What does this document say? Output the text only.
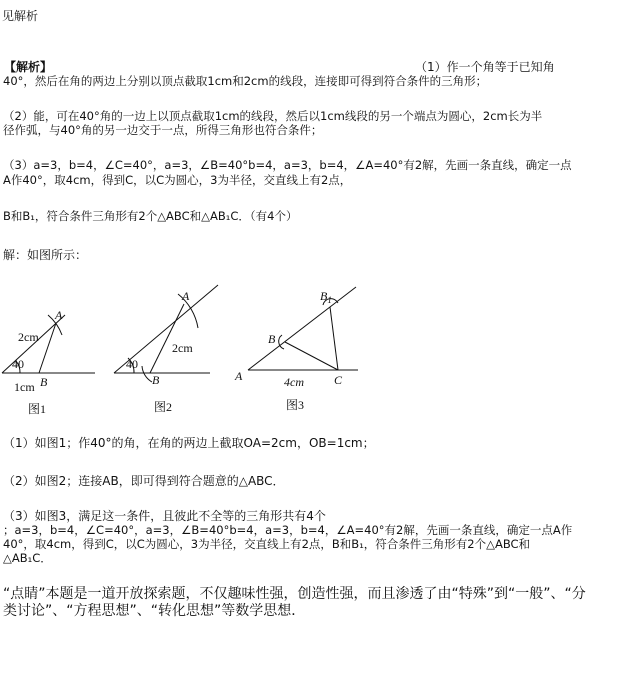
见解析
【解析】	（1）作一个角等于已知角
40°，然后在角的两边上分别以顶点截取1cm和2cm的线段，连接即可得到符合条件的三角形；
（2）能，可在40°角的一边上以顶点截取1cm的线段，然后以1cm线段的另一个端点为圆心，2cm长为半
径作弧，与40°角的另一边交于一点，所得三角形也符合条件；
（3）a=3，b=4，∠C=40°，a=3，∠B=40°b=4，a=3，b=4，∠A=40°有2解，先画一条直线，确定一点
A作40°，取4cm，得到C，以C为圆心，3为半径，交直线上有2点，
B和B₁，符合条件三角形有2个△ABC和△AB₁C．（有4个）
解：如图所示：
A
B
2cm
1cm
40
图1
A
B
2cm
40
图2
A
B
$B_1$
C
4cm
图3
（1）如图1；作40°的角，在角的两边上截取OA=2cm，OB=1cm；
（2）如图2；连接AB，即可得到符合题意的△ABC．
（3）如图3，满足这一条件，且彼此不全等的三角形共有4个
；a=3，b=4，∠C=40°，a=3，∠B=40°b=4，a=3，b=4，∠A=40°有2解，先画一条直线，确定一点A作
40°，取4cm，得到C，以C为圆心，3为半径，交直线上有2点，B和B₁，符合条件三角形有2个△ABC和
△AB₁C．
“点睛”本题是一道开放探索题，不仅趣味性强，创造性强，而且渗透了由“特殊”到“一般”、“分
类讨论”、“方程思想”、“转化思想”等数学思想．
